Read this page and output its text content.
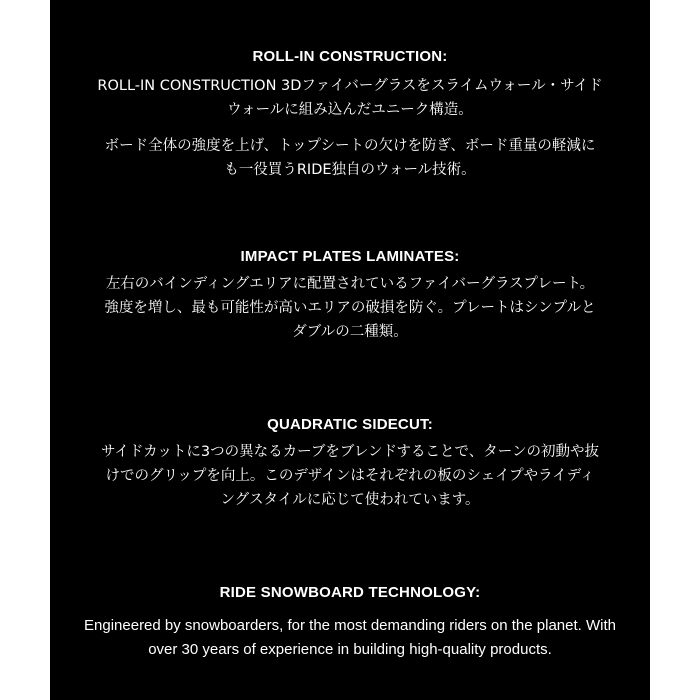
ROLL-IN CONSTRUCTION:

ROLL-IN CONSTRUCTION 3Dファイバーグラスをスライムウォール・サイド
ウォールに組み込んだユニーク構造。

ボード全体の強度を上げ、トップシートの欠けを防ぎ、ボード重量の軽減に
も一役買うRIDE独自のウォール技術。

IMPACT PLATES LAMINATES:

左右のバインディングエリアに配置されているファイバーグラスプレート。
強度を増し、最も可能性が高いエリアの破損を防ぐ。プレートはシンプルと
ダブルの二種類。

QUADRATIC SIDECUT:

サイドカットに3つの異なるカーブをブレンドすることで、ターンの初動や抜
けでのグリップを向上。このデザインはそれぞれの板のシェイプやライディ
ングスタイルに応じて使われています。

RIDE SNOWBOARD TECHNOLOGY:

Engineered by snowboarders, for the most demanding riders on the planet. With
over 30 years of experience in building high-quality products.
